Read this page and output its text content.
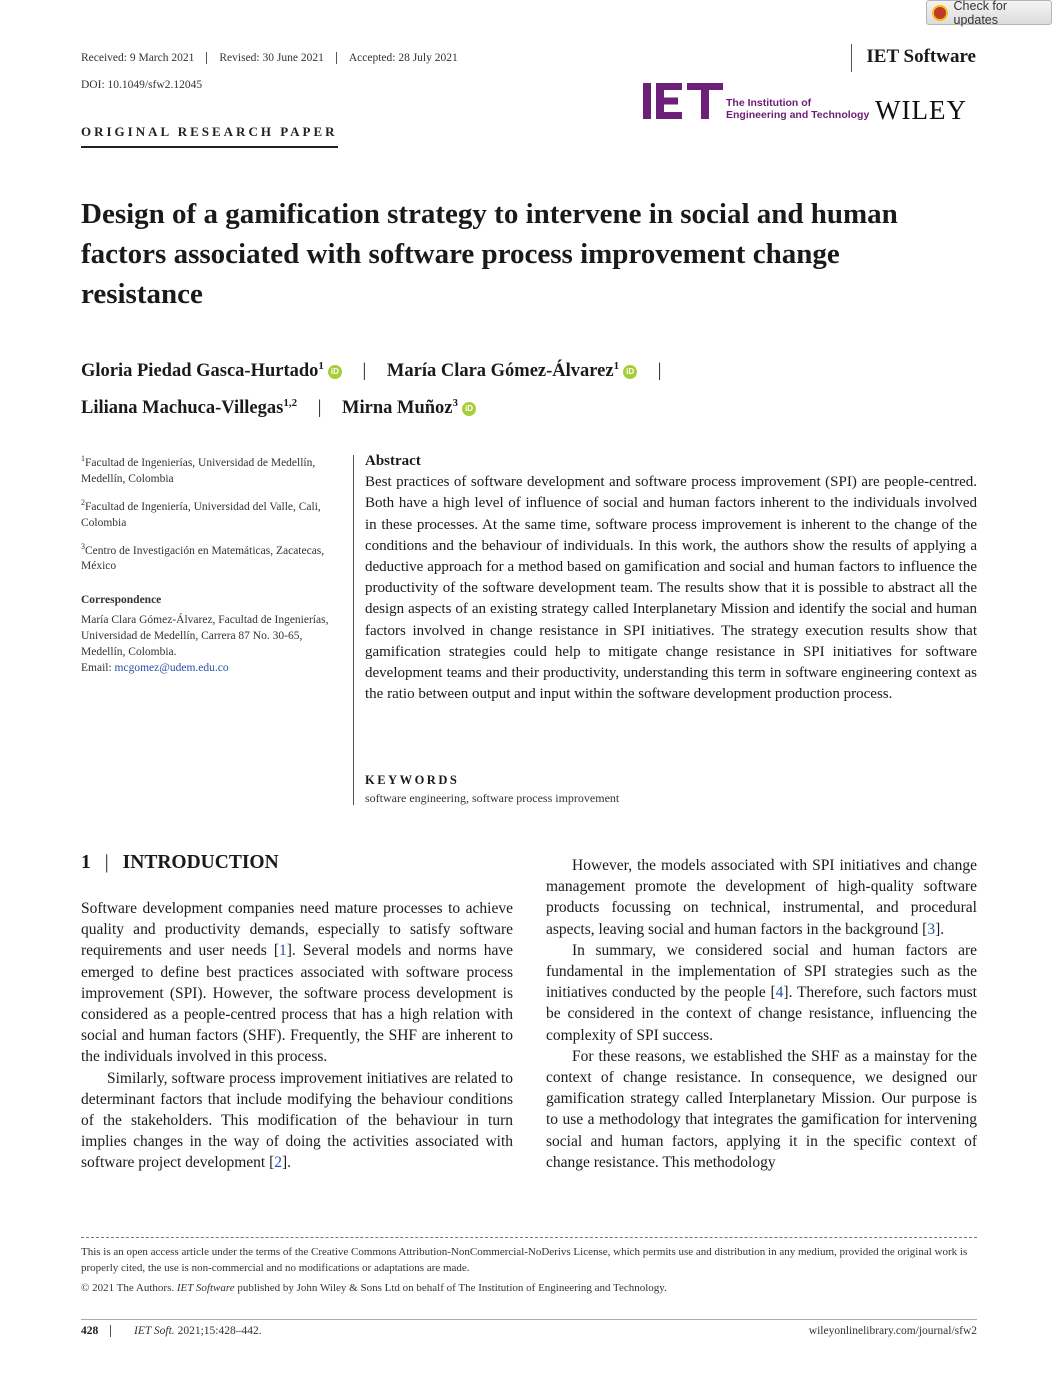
Check for updates
Received: 9 March 2021	Revised: 30 June 2021	Accepted: 28 July 2021	IET Software
DOI: 10.1049/sfw2.12045
The Institution of
Engineering and Technology WILEY
ORIGINAL RESEARCH PAPER
Design of a gamification strategy to intervene in social and human factors associated with software process improvement change resistance
Gloria Piedad Gasca-Hurtado$^1$ iD | María Clara Gómez-Álvarez$^1$ iD |
Liliana Machuca-Villegas$^{1,2}$ | Mirna Muñoz$^3$ iD

$^1$Facultad de Ingenierías, Universidad de Medellín, Medellín, Colombia

$^2$Facultad de Ingeniería, Universidad del Valle, Cali, Colombia

$^3$Centro de Investigación en Matemáticas, Zacatecas, México

Correspondence

María Clara Gómez-Álvarez, Facultad de Ingenierías, Universidad de Medellín, Carrera 87 No. 30-65, Medellín, Colombia.

Email: mcgomez@udem.edu.co

Abstract
Best practices of software development and software process improvement (SPI) are people-centred. Both have a high level of influence of social and human factors inherent to the individuals involved in these processes. At the same time, software process improvement is inherent to the change of the conditions and the behaviour of individuals. In this work, the authors show the results of applying a deductive approach for a method based on gamification and social and human factors to influence the productivity of the software development team. The results show that it is possible to abstract all the design aspects of an existing strategy called Interplanetary Mission and identify the social and human factors involved in change resistance in SPI initiatives. The strategy execution results show that gamification strategies could help to mitigate change resistance in SPI initiatives for software development teams and their productivity, understanding this term in software engineering context as the ratio between output and input within the software development production process.
KEYWORDS
software engineering, software process improvement
1 | INTRODUCTION

Software development companies need mature processes to achieve quality and productivity demands, especially to satisfy software requirements and user needs [1]. Several models and norms have emerged to define best practices associated with software process improvement (SPI). However, the software process development is considered as a people-centred process that has a high relation with social and human factors (SHF). Frequently, the SHF are inherent to the individuals involved in this process.

Similarly, software process improvement initiatives are related to determinant factors that include modifying the behaviour conditions of the stakeholders. This modification of the behaviour in turn implies changes in the way of doing the activities associated with software project development [2].

However, the models associated with SPI initiatives and change management promote the development of high-quality software products focussing on technical, instrumental, and procedural aspects, leaving social and human factors in the background [3].

In summary, we considered social and human factors are fundamental in the implementation of SPI strategies such as the initiatives conducted by the people [4]. Therefore, such factors must be considered in the context of change resistance, influencing the complexity of SPI success.

For these reasons, we established the SHF as a mainstay for the context of change resistance. In consequence, we designed our gamification strategy called Interplanetary Mission. Our purpose is to use a methodology that integrates the gamification for intervening social and human factors, applying it in the specific context of change resistance. This methodology

This is an open access article under the terms of the Creative Commons Attribution-NonCommercial-NoDerivs License, which permits use and distribution in any medium, provided the original work is properly cited, the use is non-commercial and no modifications or adaptations are made.
© 2021 The Authors. IET Software published by John Wiley & Sons Ltd on behalf of The Institution of Engineering and Technology.
428	IET Soft. 2021;15:428–442.	wileyonlinelibrary.com/journal/sfw2
